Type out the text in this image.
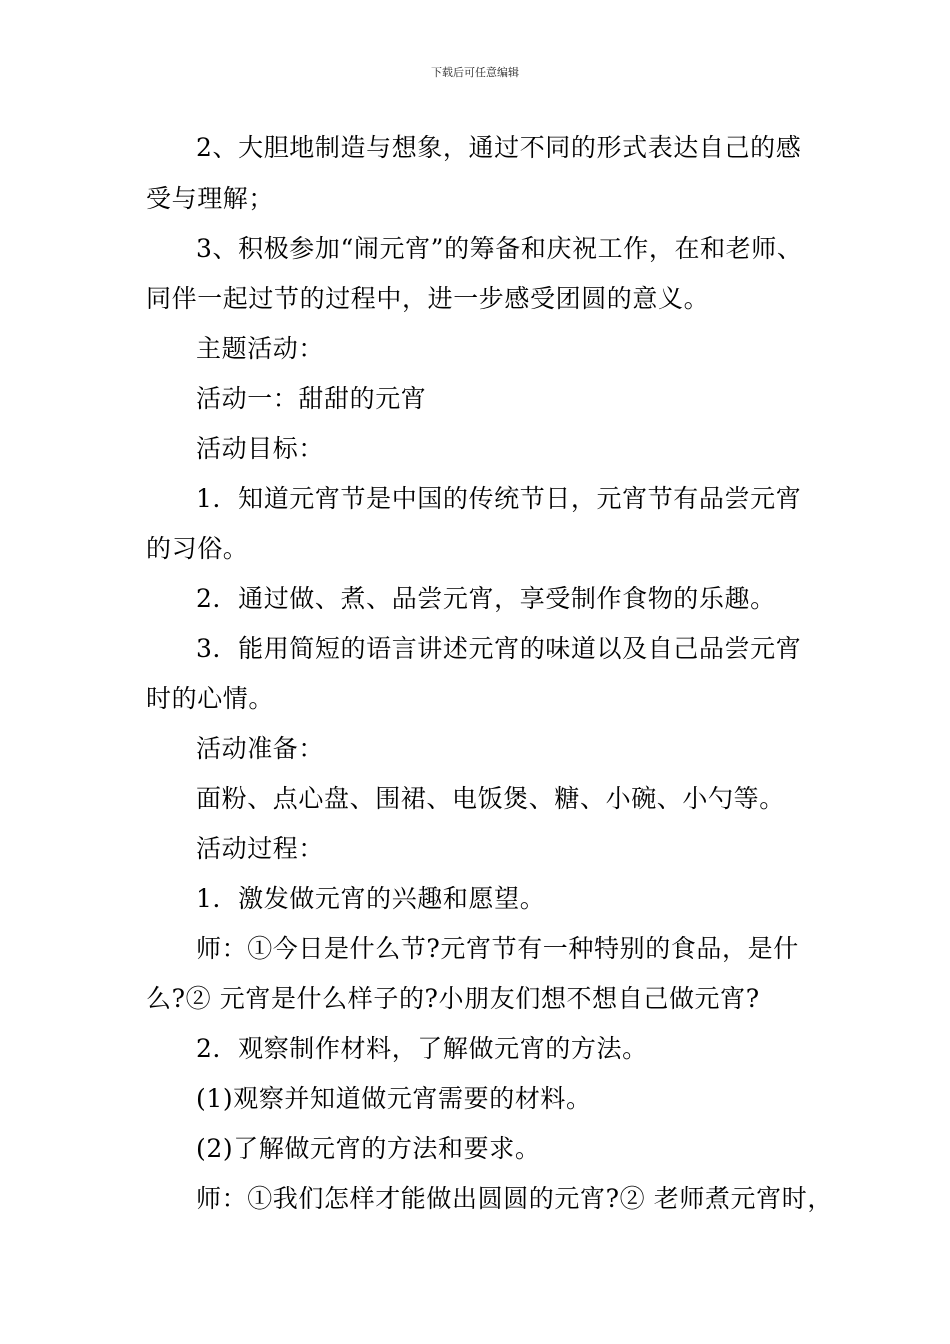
下载后可任意编辑
2、大胆地制造与想象，通过不同的形式表达自己的感
受与理解；
3、积极参加“闹元宵”的筹备和庆祝工作，在和老师、
同伴一起过节的过程中，进一步感受团圆的意义。
主题活动：
活动一：甜甜的元宵
活动目标：
1．知道元宵节是中国的传统节日，元宵节有品尝元宵
的习俗。
2．通过做、煮、品尝元宵，享受制作食物的乐趣。
3．能用简短的语言讲述元宵的味道以及自己品尝元宵
时的心情。
活动准备：
面粉、点心盘、围裙、电饭煲、糖、小碗、小勺等。
活动过程：
1．激发做元宵的兴趣和愿望。
师：①今日是什么节?元宵节有一种特别的食品，是什
么?② 元宵是什么样子的?小朋友们想不想自己做元宵?
2．观察制作材料，了解做元宵的方法。
(1)观察并知道做元宵需要的材料。
(2)了解做元宵的方法和要求。
师：①我们怎样才能做出圆圆的元宵?② 老师煮元宵时，
